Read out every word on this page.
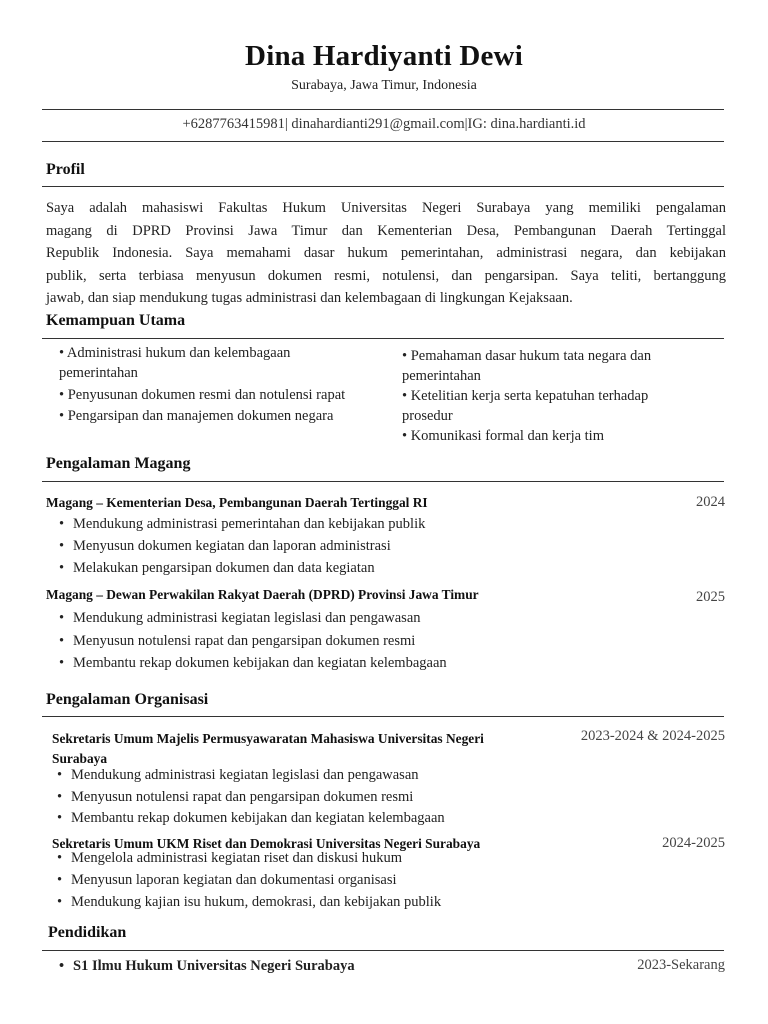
Dina Hardiyanti Dewi
Surabaya, Jawa Timur, Indonesia
+6287763415981| dinahardianti291@gmail.com|IG: dina.hardianti.id
Profil
Saya adalah mahasiswi Fakultas Hukum Universitas Negeri Surabaya yang memiliki pengalaman
magang di DPRD Provinsi Jawa Timur dan Kementerian Desa, Pembangunan Daerah Tertinggal
Republik Indonesia. Saya memahami dasar hukum pemerintahan, administrasi negara, dan kebijakan
publik, serta terbiasa menyusun dokumen resmi, notulensi, dan pengarsipan. Saya teliti, bertanggung
jawab, dan siap mendukung tugas administrasi dan kelembagaan di lingkungan Kejaksaan.
Kemampuan Utama
• Administrasi hukum dan kelembagaan
pemerintahan
• Penyusunan dokumen resmi dan notulensi rapat
• Pengarsipan dan manajemen dokumen negara
• Pemahaman dasar hukum tata negara dan
pemerintahan
• Ketelitian kerja serta kepatuhan terhadap
prosedur
• Komunikasi formal dan kerja tim
Pengalaman Magang
Magang – Kementerian Desa, Pembangunan Daerah Tertinggal RI	2024
• Mendukung administrasi pemerintahan dan kebijakan publik
• Menyusun dokumen kegiatan dan laporan administrasi
• Melakukan pengarsipan dokumen dan data kegiatan
Magang – Dewan Perwakilan Rakyat Daerah (DPRD) Provinsi Jawa Timur	2025
• Mendukung administrasi kegiatan legislasi dan pengawasan
• Menyusun notulensi rapat dan pengarsipan dokumen resmi
• Membantu rekap dokumen kebijakan dan kegiatan kelembagaan
Pengalaman Organisasi
Sekretaris Umum Majelis Permusyawaratan Mahasiswa Universitas Negeri
Surabaya
2023-2024 & 2024-2025
• Mendukung administrasi kegiatan legislasi dan pengawasan
• Menyusun notulensi rapat dan pengarsipan dokumen resmi
• Membantu rekap dokumen kebijakan dan kegiatan kelembagaan
Sekretaris Umum UKM Riset dan Demokrasi Universitas Negeri Surabaya	2024-2025
• Mengelola administrasi kegiatan riset dan diskusi hukum
• Menyusun laporan kegiatan dan dokumentasi organisasi
• Mendukung kajian isu hukum, demokrasi, dan kebijakan publik
Pendidikan
• S1 Ilmu Hukum Universitas Negeri Surabaya	2023-Sekarang
